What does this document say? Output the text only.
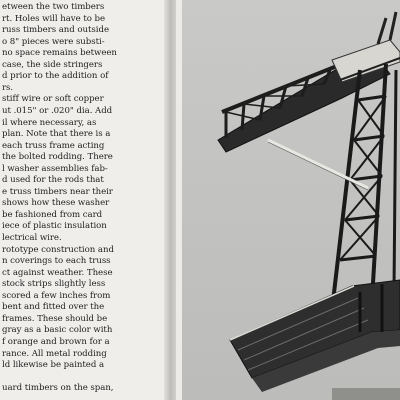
etween the two timbers
rt. Holes will have to be
russ timbers and outside
o 8" pieces were substi-
no space remains between
case, the side stringers
d prior to the addition of
rs.
stiff wire or soft copper
ut .015" or .020" dia. Add
il where necessary, as
plan. Note that there is a
each truss frame acting
the bolted rodding. There
l washer assemblies fab-
d used for the rods that
e truss timbers near their
shows how these washer
be fashioned from card
iece of plastic insulation
lectrical wire.
rototype construction and
n coverings to each truss
ct against weather. These
stock strips slightly less
scored a few inches from
bent and fitted over the
frames. These should be
gray as a basic color with
f orange and brown for a
rance. All metal rodding
ld likewise be painted a
uard timbers on the span,
